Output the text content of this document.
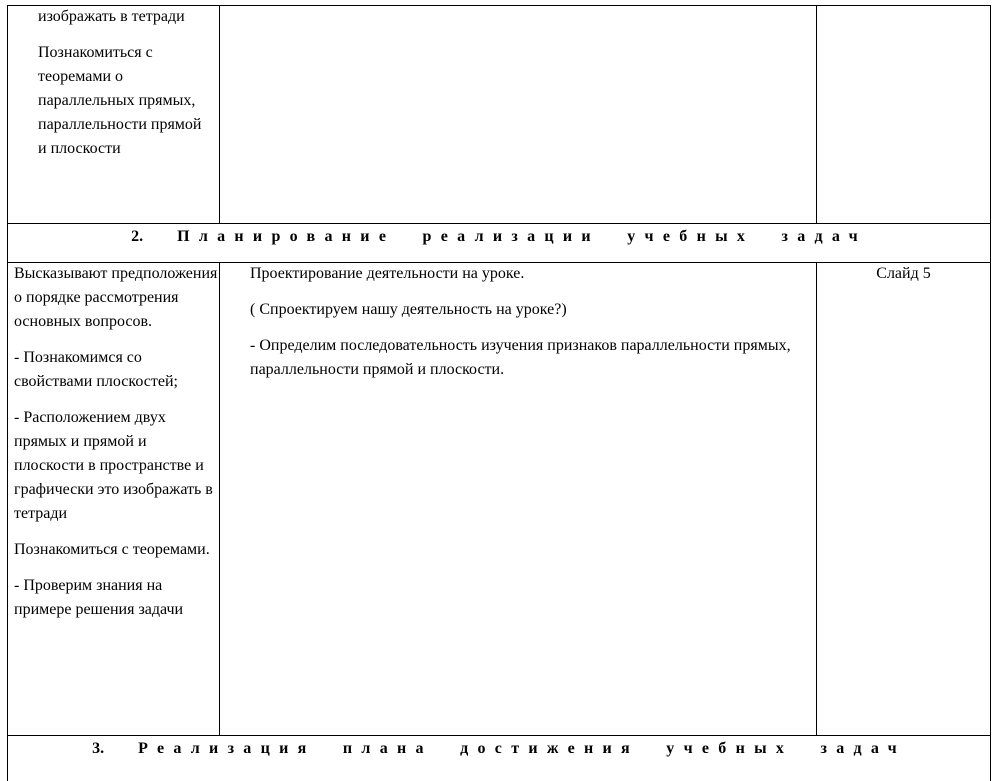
изображать в тетради

Познакомиться с теоремами о параллельных прямых, параллельности прямой и плоскости

2. Планирование реализации учебных задач

Высказывают предположения о порядке рассмотрения основных вопросов.

- Познакомимся со свойствами плоскостей;

- Расположением двух прямых и прямой и плоскости в пространстве и графически это изображать в тетради

Познакомиться с теоремами.

- Проверим знания на примере решения задачи

Проектирование деятельности на уроке.

( Спроектируем нашу деятельность на уроке?)

- Определим последовательность изучения признаков параллельности прямых, параллельности прямой и плоскости.

Слайд 5

3. Реализация плана достижения учебных задач
